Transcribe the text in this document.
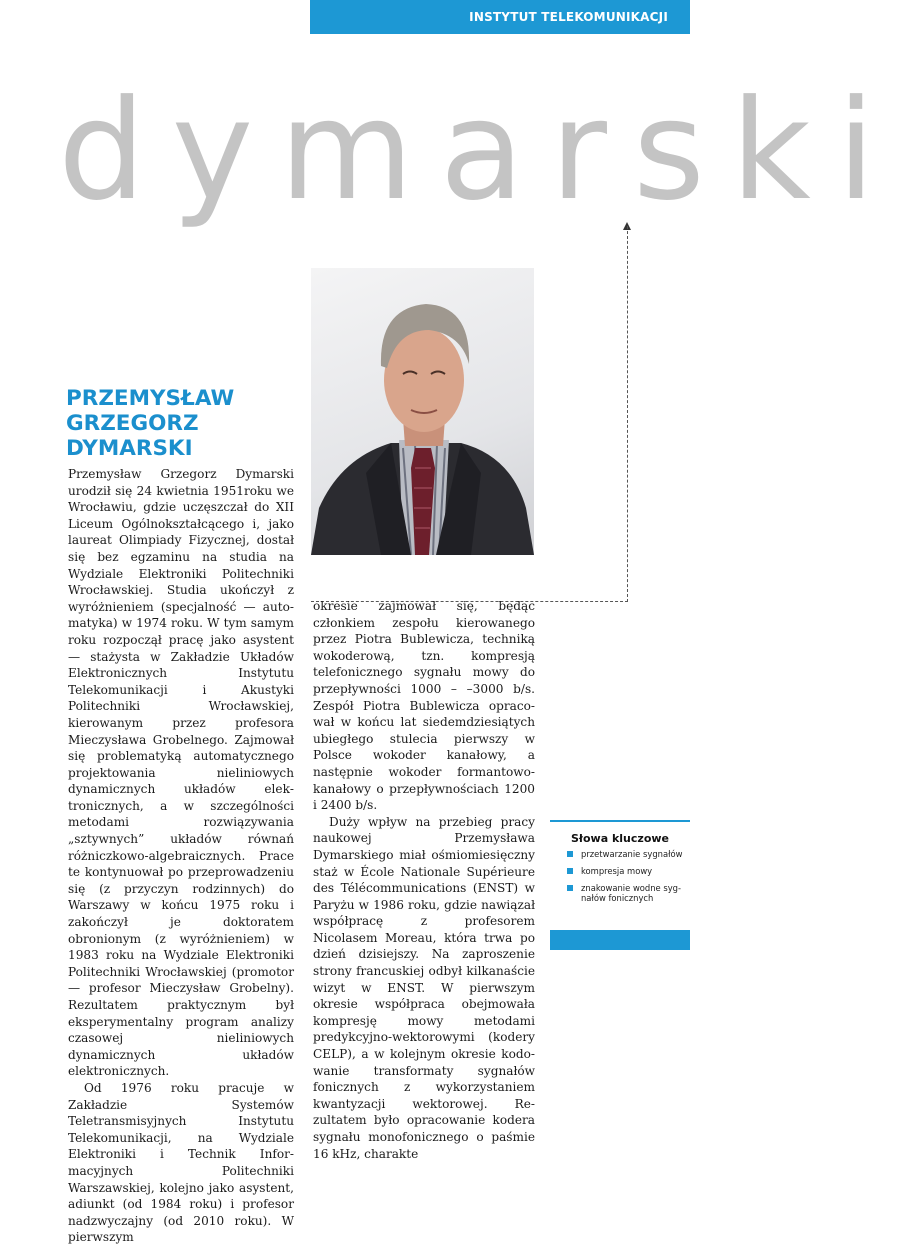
INSTYTUT TELEKOMUNIKACJI
dymarski
PRZEMYSŁAW
GRZEGORZ
DYMARSKI

Przemysław Grzegorz Dymarski urodził się 24 kwietnia 1951roku we Wrocławiu, gdzie uczęszczał do XII Liceum Ogólnokształcącego i, jako laureat Olimpiady Fizycznej, dostał się bez egzaminu na studia na Wydziale Elektroniki Politechniki Wrocławskiej. Studia ukończył z wyróżnieniem (specjalność — automatyka) w 1974 roku. W tym samym roku rozpoczął pracę jako asystent — stażysta w Zakładzie Układów Elektronicznych Instytutu Telekomunikacji i Akustyki Politechniki Wrocławskiej, kierowanym przez profesora Mieczysława Grobelnego. Zajmował się problematyką automatycznego projektowania nieliniowych dynamicznych układów elektronicznych, a w szczególności metodami rozwiązywania „sztywnych” układów równań różniczkowo-algebraicznych. Prace te kontynuował po przeprowadzeniu się (z przyczyn rodzinnych) do Warszawy w końcu 1975 roku i zakończył je doktoratem obronionym (z wyróżnieniem) w 1983 roku na Wydziale Elektroniki Politechniki Wrocławskiej (promotor — profesor Mieczysław Grobelny). Rezultatem praktycznym był eksperymentalny program analizy czasowej nieliniowych dynamicznych układów elektronicznych.

Od 1976 roku pracuje w Zakładzie Systemów Teletransmisyjnych Instytutu Telekomunikacji, na Wydziale Elektroniki i Technik Informacyjnych Politechniki Warszawskiej, kolejno jako asystent, adiunkt (od 1984 roku) i profesor nadzwyczajny (od 2010 roku). W pierwszym

okresie zajmował się, będąc członkiem zespołu kierowanego przez Piotra Bublewicza, techniką wokoderową, tzn. kompresją telefonicznego sygnału mowy do przepływności 1000 – –3000 b/s. Zespół Piotra Bublewicza opracował w końcu lat siedemdziesiątych ubiegłego stulecia pierwszy w Polsce wokoder kanałowy, a następnie wokoder formantowo-kanałowy o przepływnościach 1200 i 2400 b/s.

Duży wpływ na przebieg pracy naukowej Przemysława Dymarskiego miał ośmiomiesięczny staż w École Nationale Supérieure des Télécommunications (ENST) w Paryżu w 1986 roku, gdzie nawiązał współpracę z profesorem Nicolasem Moreau, która trwa po dzień dzisiejszy. Na zaproszenie strony francuskiej odbył kilkanaście wizyt w ENST. W pierwszym okresie współpraca obejmowała kompresję mowy metodami predykcyjno-wektorowymi (kodery CELP), a w kolejnym okresie kodowanie transformaty sygnałów fonicznych z wykorzystaniem kwantyzacji wektorowej. Rezultatem było opracowanie kodera sygnału monofonicznego o paśmie 16 kHz, charakte

Słowa kluczowe
przetwarzanie sygnałów
kompresja mowy
znakowanie wodne sygnałów fonicznych
